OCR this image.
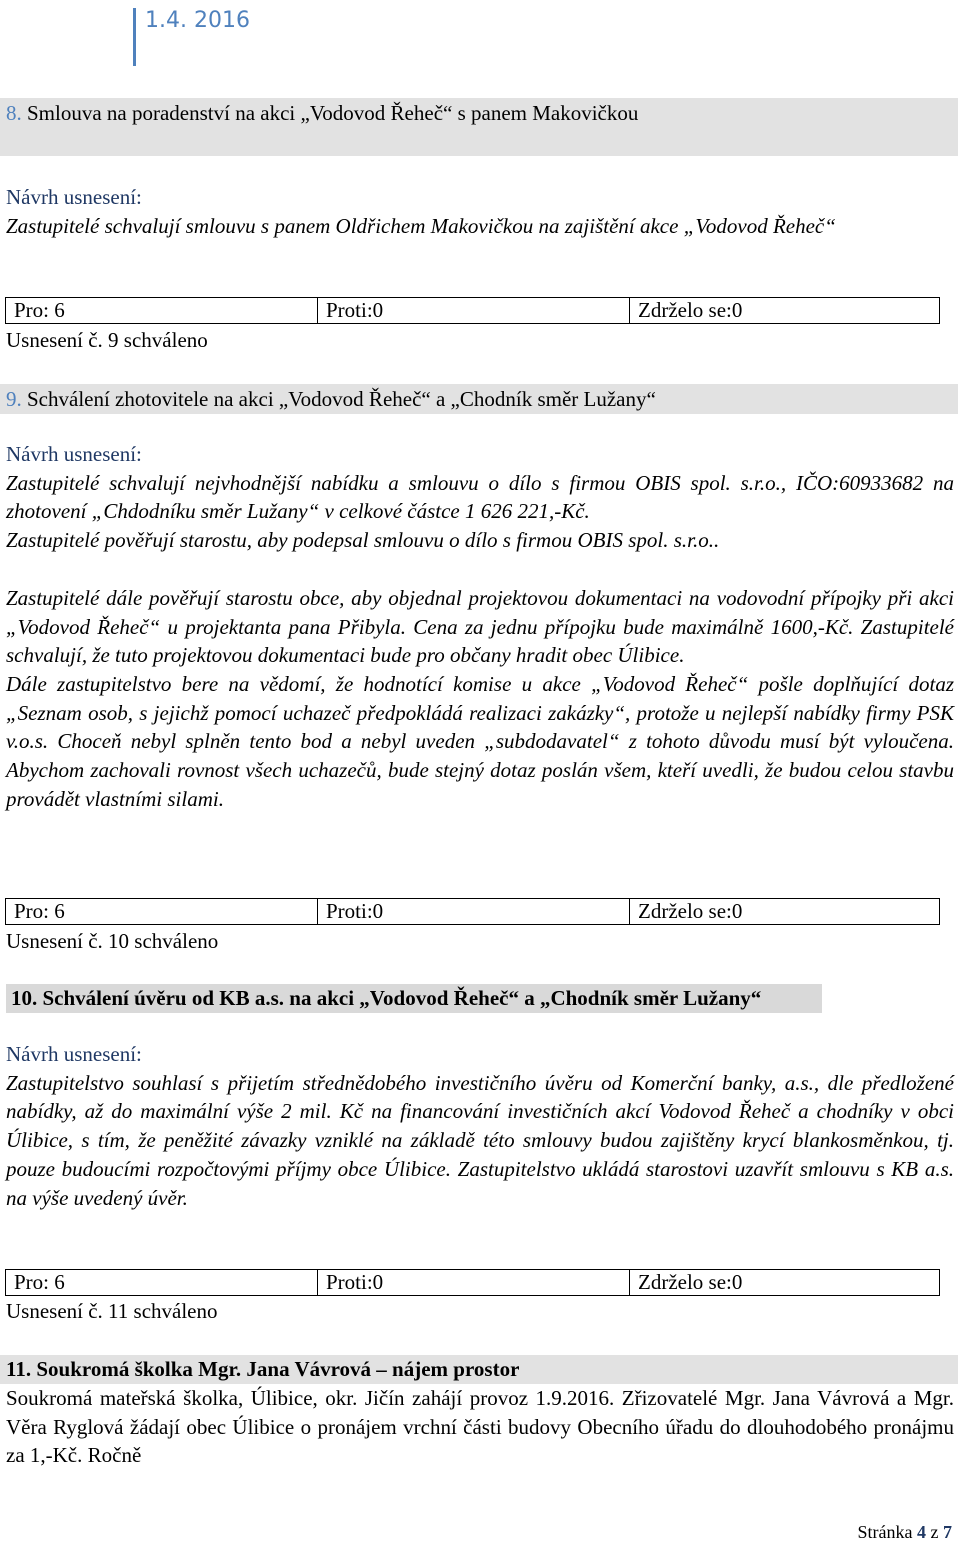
1.4. 2016
8. Smlouva na poradenství na akci „Vodovod Řeheč“ s panem Makovičkou
Návrh usnesení:
Zastupitelé schvalují smlouvu s panem Oldřichem Makovičkou na zajištění akce „Vodovod Řeheč“
Pro: 6	Proti:0	Zdrželo se:0
Usnesení č. 9 schváleno
9. Schválení zhotovitele na akci „Vodovod Řeheč“ a „Chodník směr Lužany“
Návrh usnesení:
Zastupitelé schvalují nejvhodnější nabídku a smlouvu o dílo s firmou OBIS spol. s.r.o., IČO:60933682 na zhotovení „Chdodníku směr Lužany“ v celkové částce 1 626 221,-Kč.
Zastupitelé pověřují starostu, aby podepsal smlouvu o dílo s firmou OBIS spol. s.r.o..
Zastupitelé dále pověřují starostu obce, aby objednal projektovou dokumentaci na vodovodní přípojky při akci „Vodovod Řeheč“ u projektanta pana Přibyla. Cena za jednu přípojku bude maximálně 1600,-Kč. Zastupitelé schvalují, že tuto projektovou dokumentaci bude pro občany hradit obec Úlibice.
Dále zastupitelstvo bere na vědomí, že hodnotící komise u akce „Vodovod Řeheč“ pošle doplňující dotaz „Seznam osob, s jejichž pomocí uchazeč předpokládá realizaci zakázky“, protože u nejlepší nabídky firmy PSK v.o.s. Choceň nebyl splněn tento bod a nebyl uveden „subdodavatel“ z tohoto důvodu musí být vyloučena. Abychom zachovali rovnost všech uchazečů, bude stejný dotaz poslán všem, kteří uvedli, že budou celou stavbu provádět vlastními silami.
Pro: 6	Proti:0	Zdrželo se:0
Usnesení č. 10 schváleno
10. Schválení úvěru od KB a.s. na akci „Vodovod Řeheč“ a „Chodník směr Lužany“
Návrh usnesení:
Zastupitelstvo souhlasí s přijetím střednědobého investičního úvěru od Komerční banky, a.s., dle předložené nabídky, až do maximální výše 2 mil. Kč na financování investičních akcí Vodovod Řeheč a chodníky v obci Úlibice, s tím, že peněžité závazky vzniklé na základě této smlouvy budou zajištěny krycí blankosměnkou, tj. pouze budoucími rozpočtovými příjmy obce Úlibice. Zastupitelstvo ukládá starostovi uzavřít smlouvu s KB a.s. na výše uvedený úvěr.
Pro: 6	Proti:0	Zdrželo se:0
Usnesení č. 11 schváleno
11. Soukromá školka Mgr. Jana Vávrová – nájem prostor
Soukromá mateřská školka, Úlibice, okr. Jičín zahájí provoz 1.9.2016. Zřizovatelé Mgr. Jana Vávrová a Mgr. Věra Ryglová žádají obec Úlibice o pronájem vrchní části budovy Obecního úřadu do dlouhodobého pronájmu za 1,-Kč. Ročně
Stránka 4 z 7
